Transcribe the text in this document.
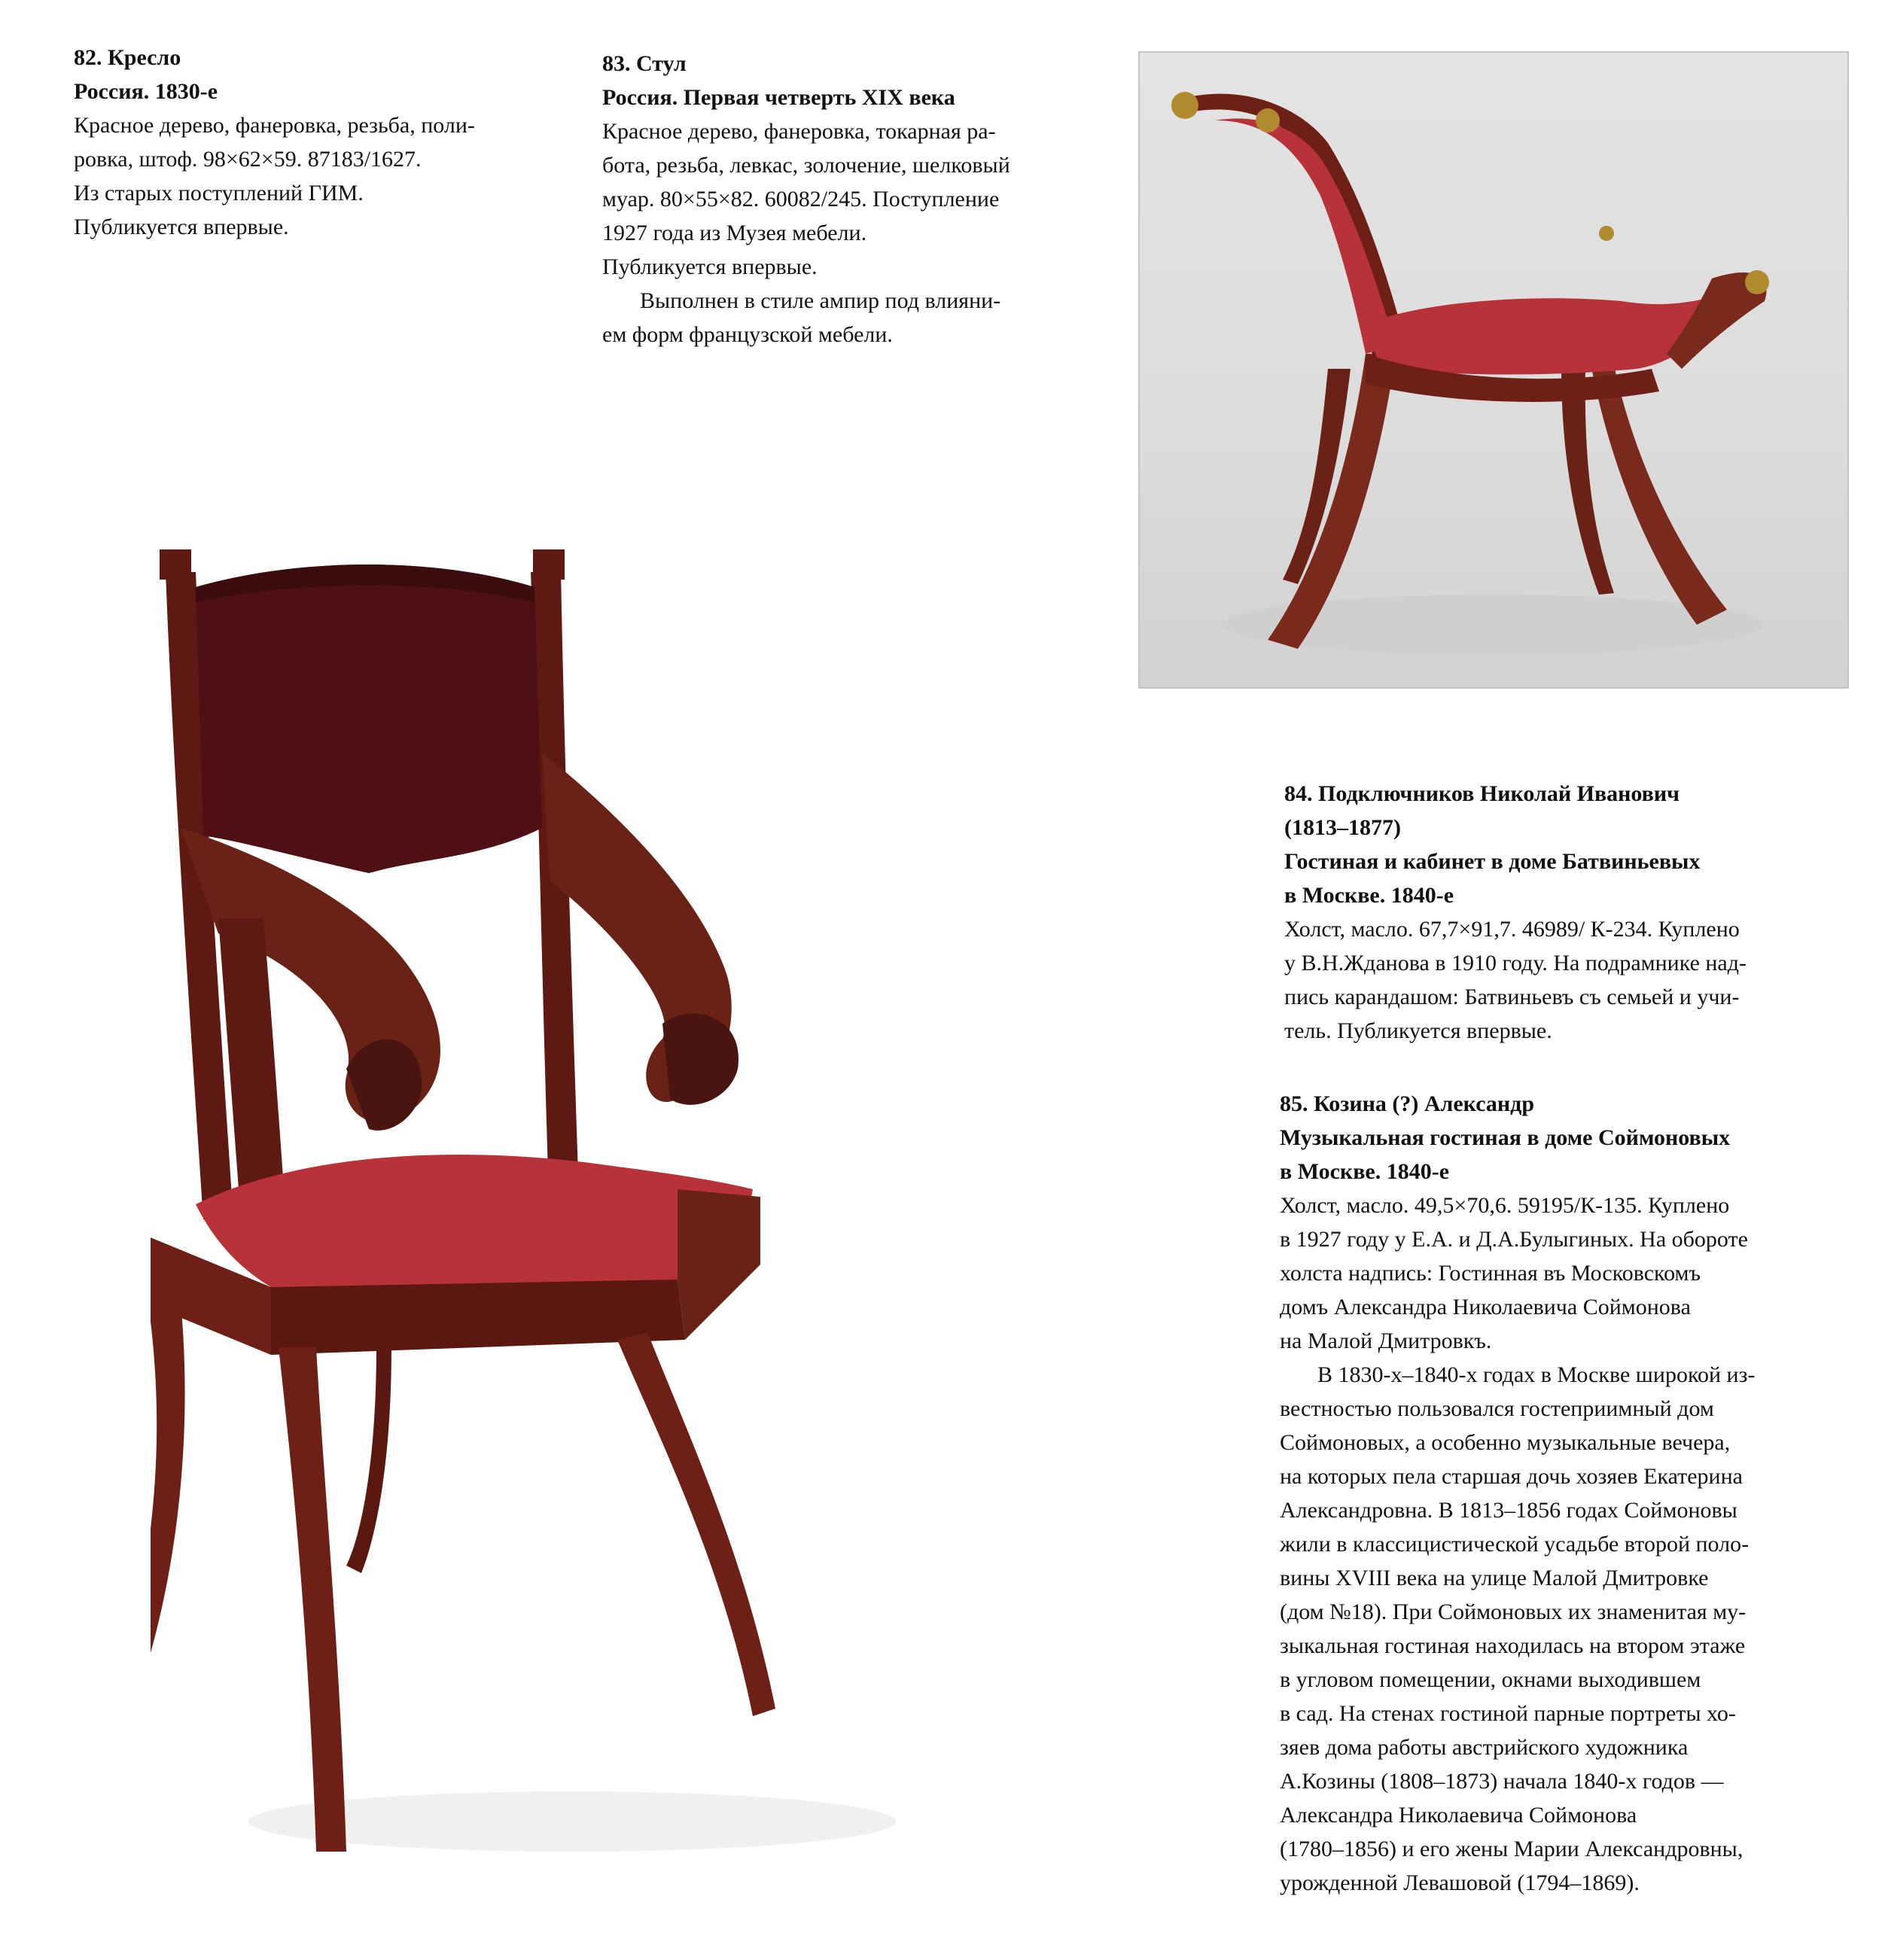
82. Кресло
Россия. 1830-е
Красное дерево, фанеровка, резьба, поли-
ровка, штоф. 98×62×59. 87183/1627.
Из старых поступлений ГИМ.
Публикуется впервые.
83. Стул
Россия. Первая четверть XIX века
Красное дерево, фанеровка, токарная ра-
бота, резьба, левкас, золочение, шелковый
муар. 80×55×82. 60082/245. Поступление
1927 года из Музея мебели.
Публикуется впервые.
Выполнен в стиле ампир под влияни-
ем форм французской мебели.
84. Подключников Николай Иванович
(1813–1877)
Гостиная и кабинет в доме Батвиньевых
в Москве. 1840-е
Холст, масло. 67,7×91,7. 46989/ К-234. Куплено
у В.Н.Жданова в 1910 году. На подрамнике над-
пись карандашом: Батвиньевъ съ семьей и учи-
тель. Публикуется впервые.
85. Козина (?) Александр
Музыкальная гостиная в доме Соймоновых
в Москве. 1840-е
Холст, масло. 49,5×70,6. 59195/К-135. Куплено
в 1927 году у Е.А. и Д.А.Булыгиных. На обороте
холста надпись: Гостинная въ Московскомъ
домъ Александра Николаевича Соймонова
на Малой Дмитровкъ.
В 1830-х–1840-х годах в Москве широкой из-
вестностью пользовался гостеприимный дом
Соймоновых, а особенно музыкальные вечера,
на которых пела старшая дочь хозяев Екатерина
Александровна. В 1813–1856 годах Соймоновы
жили в классицистической усадьбе второй поло-
вины XVIII века на улице Малой Дмитровке
(дом №18). При Соймоновых их знаменитая му-
зыкальная гостиная находилась на втором этаже
в угловом помещении, окнами выходившем
в сад. На стенах гостиной парные портреты хо-
зяев дома работы австрийского художника
А.Козины (1808–1873) начала 1840-х годов —
Александра Николаевича Соймонова
(1780–1856) и его жены Марии Александровны,
урожденной Левашовой (1794–1869).
